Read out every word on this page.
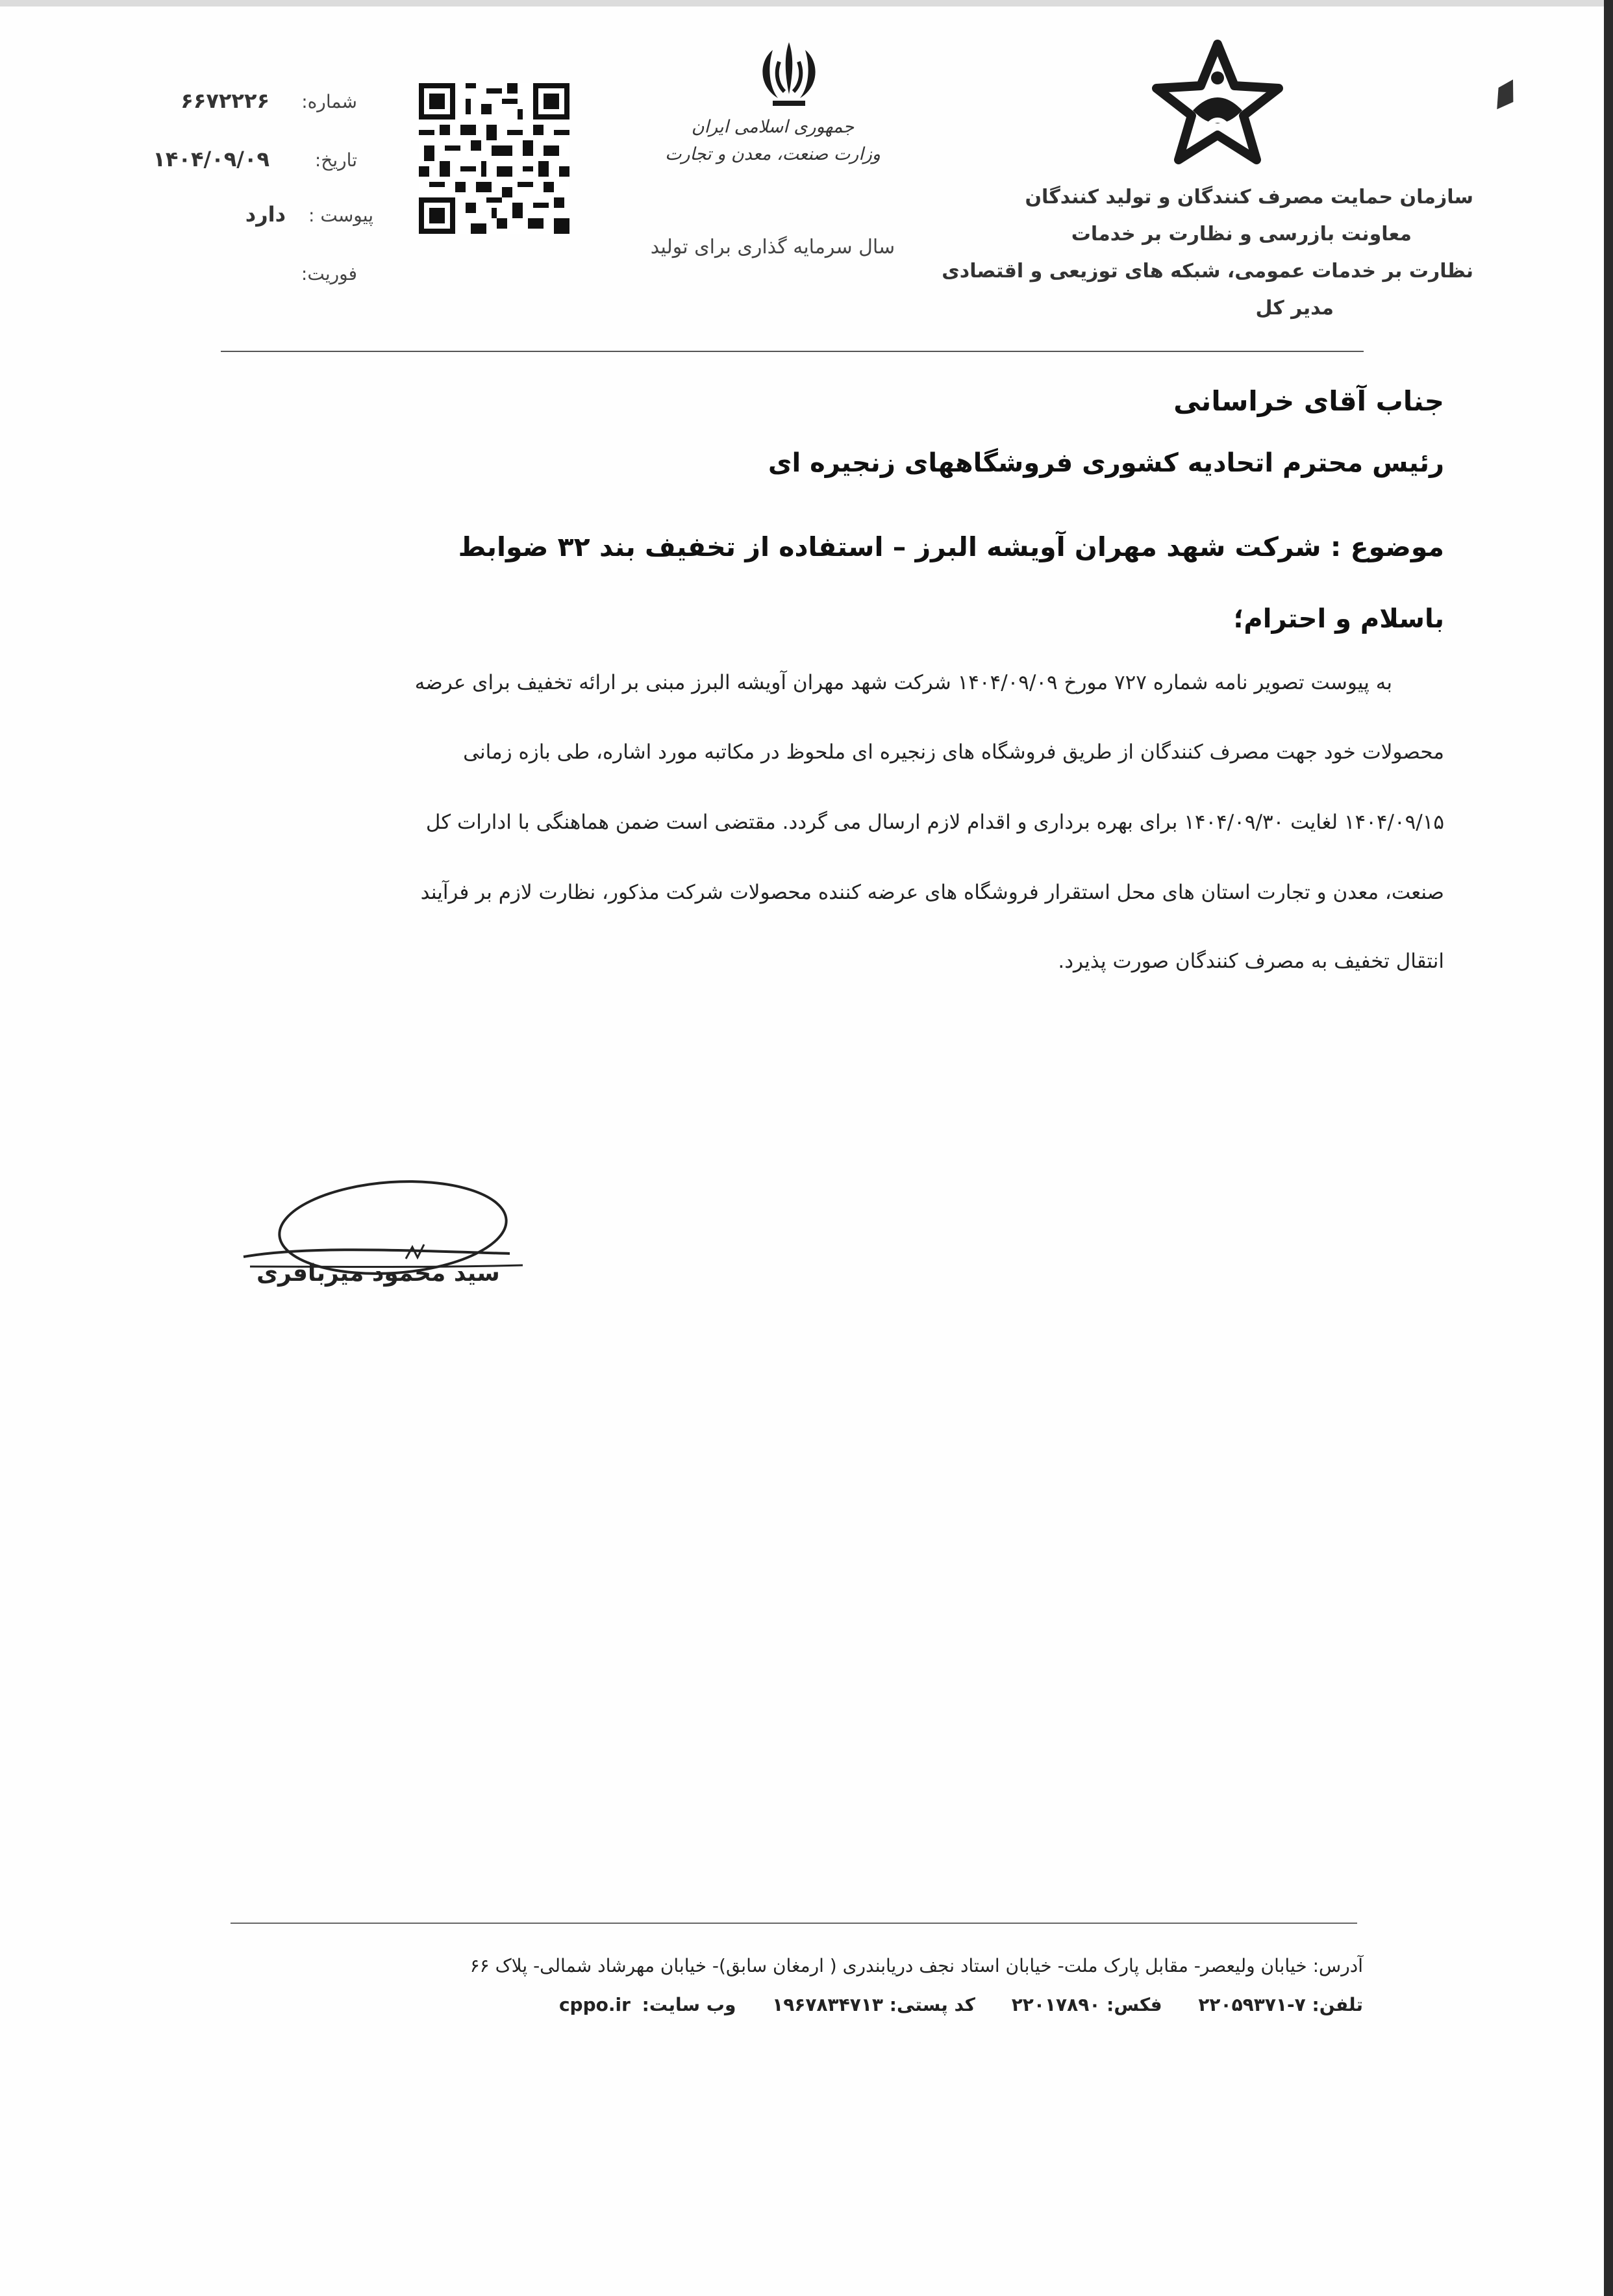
سازمان حمایت مصرف کنندگان و تولید کنندگان
معاونت بازرسی و نظارت بر خدمات
نظارت بر خدمات عمومی، شبکه های توزیعی و اقتصادی
مدیر کل
جمهوری اسلامی ایران
وزارت صنعت، معدن و تجارت
سال سرمایه گذاری برای تولید
شماره:
۶۶۷۲۲۲۶
تاریخ:
۱۴۰۴/۰۹/۰۹
پیوست :
دارد
فوریت:
جناب آقای خراسانی
رئیس محترم اتحادیه کشوری فروشگاههای زنجیره ای
موضوع : شرکت شهد مهران آویشه البرز – استفاده از تخفیف بند ۳۲ ضوابط
باسلام و احترام؛
به پیوست تصویر نامه شماره ۷۲۷ مورخ ۱۴۰۴/۰۹/۰۹ شرکت شهد مهران آویشه البرز مبنی بر ارائه تخفیف برای عرضه
محصولات خود جهت مصرف کنندگان از طریق فروشگاه های زنجیره ای ملحوظ در مکاتبه مورد اشاره، طی بازه زمانی
۱۴۰۴/۰۹/۱۵ لغایت ۱۴۰۴/۰۹/۳۰ برای بهره برداری و اقدام لازم ارسال می گردد. مقتضی است ضمن هماهنگی با ادارات کل
صنعت، معدن و تجارت استان های محل استقرار فروشگاه های عرضه کننده محصولات شرکت مذکور، نظارت لازم بر فرآیند
انتقال تخفیف به مصرف کنندگان صورت پذیرد.
سید محمود میرباقری
آدرس: خیابان ولیعصر- مقابل پارک ملت- خیابان استاد نجف دریابندری ( ارمغان سابق)- خیابان مهرشاد شمالی- پلاک ۶۶
تلفن: ۷-۲۲۰۵۹۳۷۱ فکس: ۲۲۰۱۷۸۹۰ کد پستی: ۱۹۶۷۸۳۴۷۱۳ وب سایت: cppo.ir
